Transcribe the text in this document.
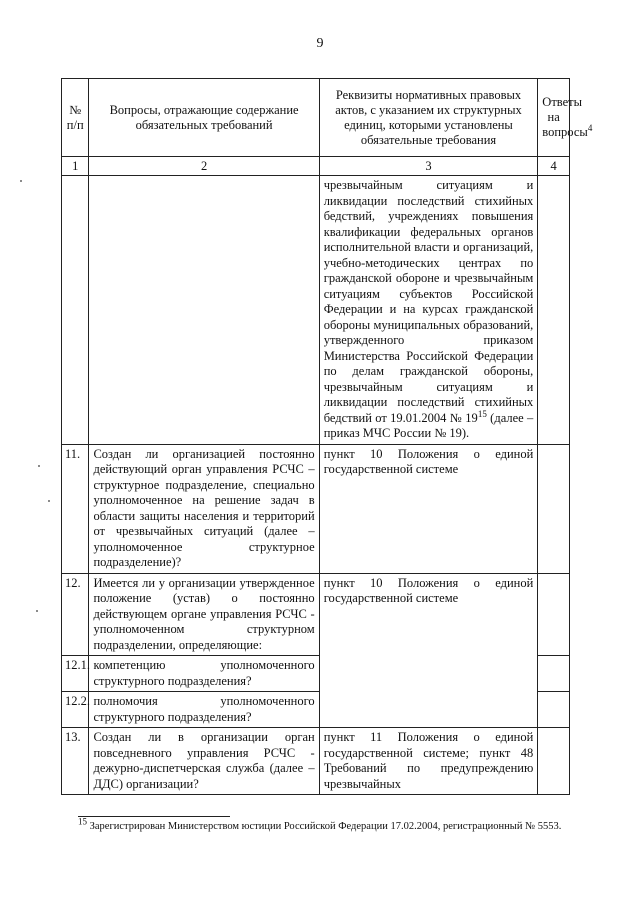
9
№ п/п	Вопросы, отражающие содержание обязательных требований	Реквизиты нормативных правовых актов, с указанием их структурных единиц, которыми установлены обязательные требования	Ответы на вопросы$^4$
1	2	3	4
		чрезвычайным ситуациям и ликвидации последствий стихийных бедствий, учреждениях повышения квалификации федеральных органов исполнительной власти и организаций, учебно-методических центрах по гражданской обороне и чрезвычайным ситуациям субъектов Российской Федерации и на курсах гражданской обороны муниципальных образований, утвержденного приказом Министерства Российской Федерации по делам гражданской обороны, чрезвычайным ситуациям и ликвидации последствий стихийных бедствий от 19.01.2004 № $19^{15}$ (далее – приказ МЧС России № 19).	
11.	Создан ли организацией постоянно действующий орган управления РСЧС – структурное подразделение, специально уполномоченное на решение задач в области защиты населения и территорий от чрезвычайных ситуаций (далее – уполномоченное структурное подразделение)?	пункт 10 Положения о единой государственной системе	
12.	Имеется ли у организации утвержденное положение (устав) о постоянно действующем органе управления РСЧС - уполномоченном структурном подразделении, определяющие:	пункт 10 Положения о единой государственной системе	
12.1.	компетенцию уполномоченного структурного подразделения?		
12.2.	полномочия уполномоченного структурного подразделения?		
13.	Создан ли в организации орган повседневного управления РСЧС - дежурно-диспетчерская служба (далее – ДДС) организации?	пункт 11 Положения о единой государственной системе; пункт 48 Требований по предупреждению чрезвычайных	
15 Зарегистрирован Министерством юстиции Российской Федерации 17.02.2004, регистрационный № 5553.
